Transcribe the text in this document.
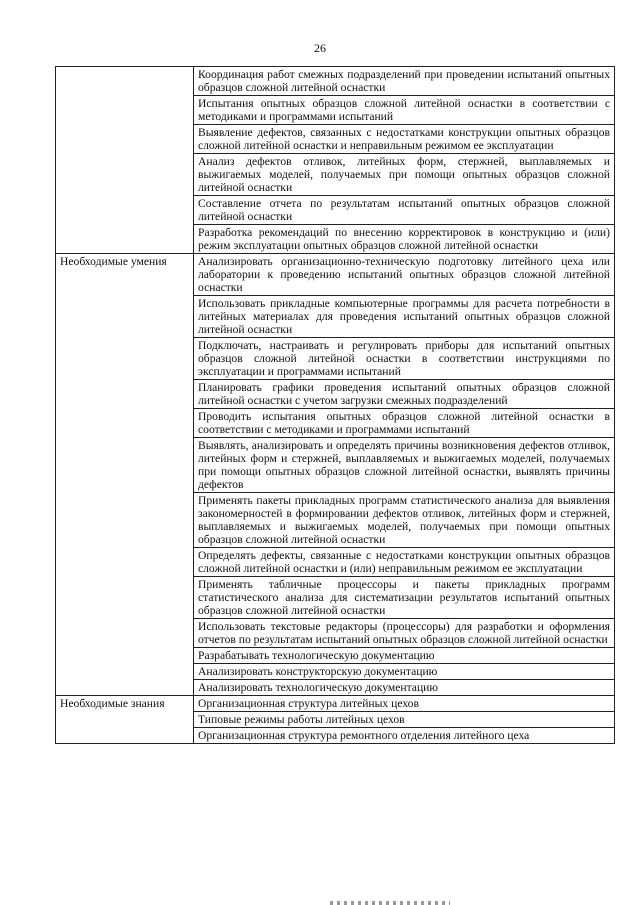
26
	Координация работ смежных подразделений при проведении испытаний опытных образцов сложной литейной оснастки
	Испытания опытных образцов сложной литейной оснастки в соответствии с методиками и программами испытаний
	Выявление дефектов, связанных с недостатками конструкции опытных образцов сложной литейной оснастки и неправильным режимом ее эксплуатации
	Анализ дефектов отливок, литейных форм, стержней, выплавляемых и выжигаемых моделей, получаемых при помощи опытных образцов сложной литейной оснастки
	Составление отчета по результатам испытаний опытных образцов сложной литейной оснастки
	Разработка рекомендаций по внесению корректировок в конструкцию и (или) режим эксплуатации опытных образцов сложной литейной оснастки
Необходимые умения	Анализировать организационно-техническую подготовку литейного цеха или лаборатории к проведению испытаний опытных образцов сложной литейной оснастки
	Использовать прикладные компьютерные программы для расчета потребности в литейных материалах для проведения испытаний опытных образцов сложной литейной оснастки
	Подключать, настраивать и регулировать приборы для испытаний опытных образцов сложной литейной оснастки в соответствии инструкциями по эксплуатации и программами испытаний
	Планировать графики проведения испытаний опытных образцов сложной литейной оснастки с учетом загрузки смежных подразделений
	Проводить испытания опытных образцов сложной литейной оснастки в соответствии с методиками и программами испытаний
	Выявлять, анализировать и определять причины возникновения дефектов отливок, литейных форм и стержней, выплавляемых и выжигаемых моделей, получаемых при помощи опытных образцов сложной литейной оснастки, выявлять причины дефектов
	Применять пакеты прикладных программ статистического анализа для выявления закономерностей в формировании дефектов отливок, литейных форм и стержней, выплавляемых и выжигаемых моделей, получаемых при помощи опытных образцов сложной литейной оснастки
	Определять дефекты, связанные с недостатками конструкции опытных образцов сложной литейной оснастки и (или) неправильным режимом ее эксплуатации
	Применять табличные процессоры и пакеты прикладных программ статистического анализа для систематизации результатов испытаний опытных образцов сложной литейной оснастки
	Использовать текстовые редакторы (процессоры) для разработки и оформления отчетов по результатам испытаний опытных образцов сложной литейной оснастки
	Разрабатывать технологическую документацию
	Анализировать конструкторскую документацию
	Анализировать технологическую документацию
Необходимые знания	Организационная структура литейных цехов
	Типовые режимы работы литейных цехов
	Организационная структура ремонтного отделения литейного цеха
